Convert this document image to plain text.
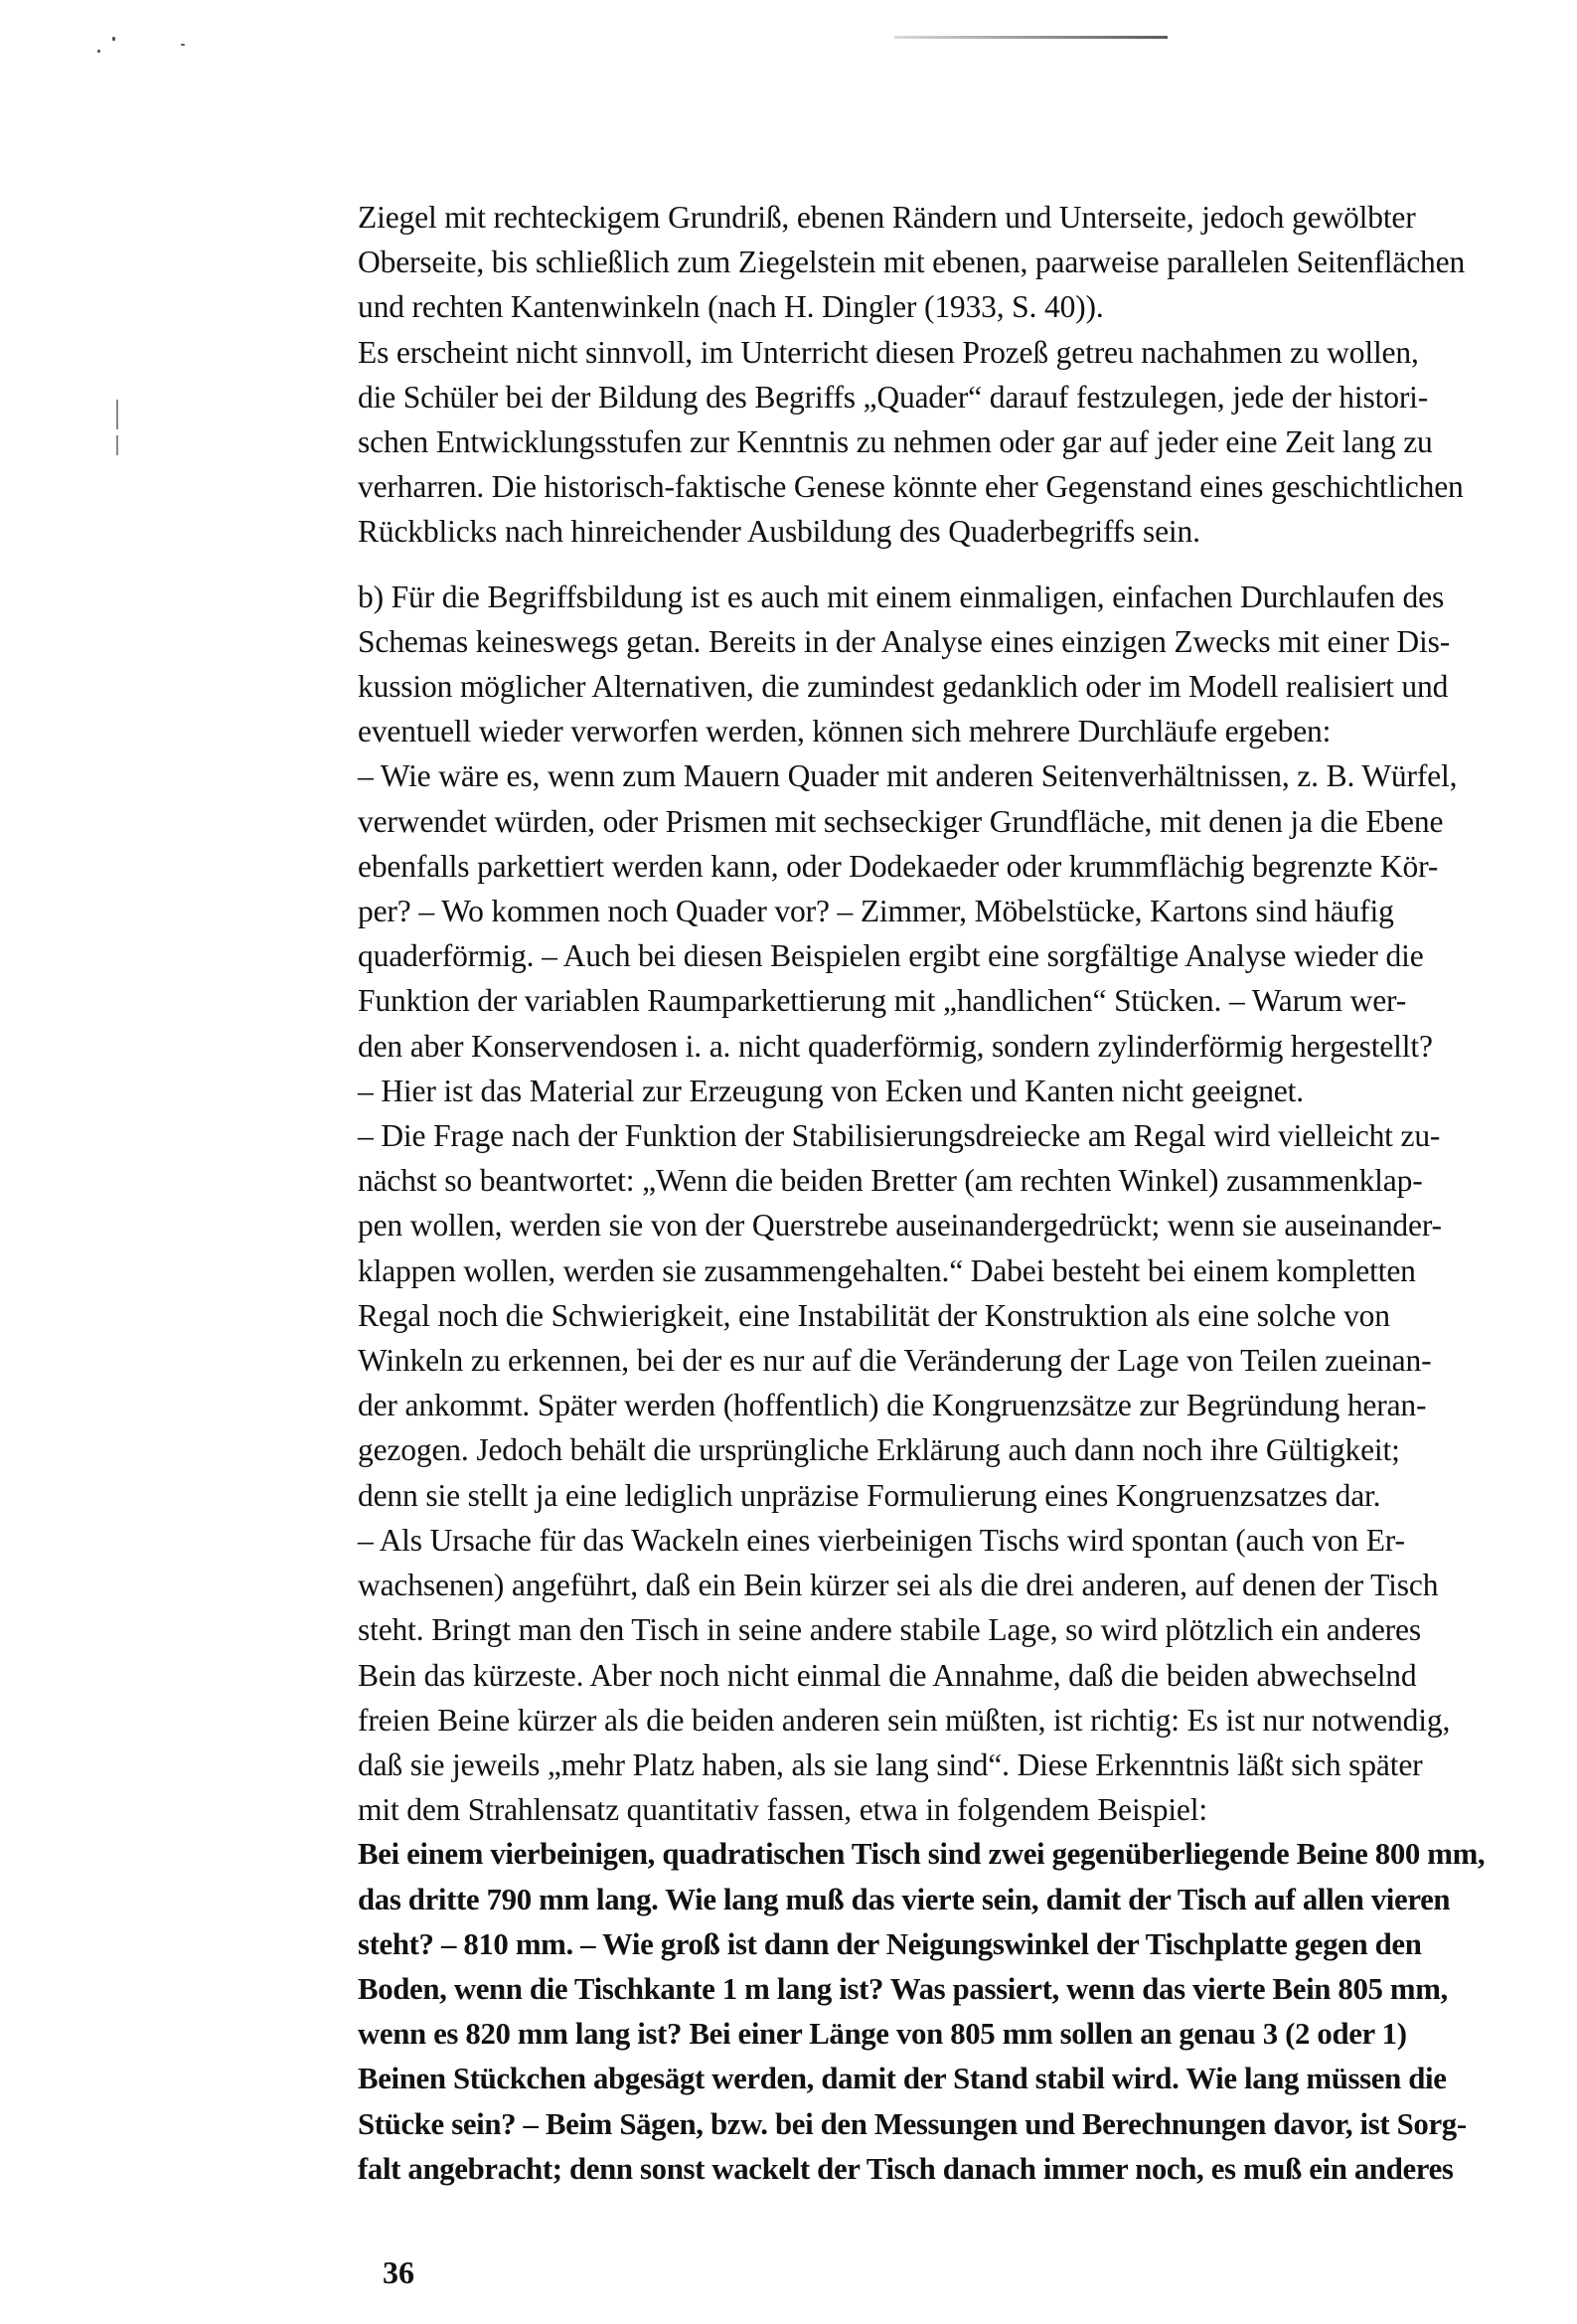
Ziegel mit rechteckigem Grundriß, ebenen Rändern und Unterseite, jedoch gewölbter

Oberseite, bis schließlich zum Ziegelstein mit ebenen, paarweise parallelen Seitenflächen

und rechten Kantenwinkeln (nach H. Dingler (1933, S. 40)).

Es erscheint nicht sinnvoll, im Unterricht diesen Prozeß getreu nachahmen zu wollen,

die Schüler bei der Bildung des Begriffs „Quader“ darauf festzulegen, jede der histori-

schen Entwicklungsstufen zur Kenntnis zu nehmen oder gar auf jeder eine Zeit lang zu

verharren. Die historisch-faktische Genese könnte eher Gegenstand eines geschichtlichen

Rückblicks nach hinreichender Ausbildung des Quaderbegriffs sein.

b) Für die Begriffsbildung ist es auch mit einem einmaligen, einfachen Durchlaufen des

Schemas keineswegs getan. Bereits in der Analyse eines einzigen Zwecks mit einer Dis-

kussion möglicher Alternativen, die zumindest gedanklich oder im Modell realisiert und

eventuell wieder verworfen werden, können sich mehrere Durchläufe ergeben:

– Wie wäre es, wenn zum Mauern Quader mit anderen Seitenverhältnissen, z. B. Würfel,

verwendet würden, oder Prismen mit sechseckiger Grundfläche, mit denen ja die Ebene

ebenfalls parkettiert werden kann, oder Dodekaeder oder krummflächig begrenzte Kör-

per? – Wo kommen noch Quader vor? – Zimmer, Möbelstücke, Kartons sind häufig

quaderförmig. – Auch bei diesen Beispielen ergibt eine sorgfältige Analyse wieder die

Funktion der variablen Raumparkettierung mit „handlichen“ Stücken. – Warum wer-

den aber Konservendosen i. a. nicht quaderförmig, sondern zylinderförmig hergestellt?

– Hier ist das Material zur Erzeugung von Ecken und Kanten nicht geeignet.

– Die Frage nach der Funktion der Stabilisierungsdreiecke am Regal wird vielleicht zu-

nächst so beantwortet: „Wenn die beiden Bretter (am rechten Winkel) zusammenklap-

pen wollen, werden sie von der Querstrebe auseinandergedrückt; wenn sie auseinander-

klappen wollen, werden sie zusammengehalten.“ Dabei besteht bei einem kompletten

Regal noch die Schwierigkeit, eine Instabilität der Konstruktion als eine solche von

Winkeln zu erkennen, bei der es nur auf die Veränderung der Lage von Teilen zueinan-

der ankommt. Später werden (hoffentlich) die Kongruenzsätze zur Begründung heran-

gezogen. Jedoch behält die ursprüngliche Erklärung auch dann noch ihre Gültigkeit;

denn sie stellt ja eine lediglich unpräzise Formulierung eines Kongruenzsatzes dar.

– Als Ursache für das Wackeln eines vierbeinigen Tischs wird spontan (auch von Er-

wachsenen) angeführt, daß ein Bein kürzer sei als die drei anderen, auf denen der Tisch

steht. Bringt man den Tisch in seine andere stabile Lage, so wird plötzlich ein anderes

Bein das kürzeste. Aber noch nicht einmal die Annahme, daß die beiden abwechselnd

freien Beine kürzer als die beiden anderen sein müßten, ist richtig: Es ist nur notwendig,

daß sie jeweils „mehr Platz haben, als sie lang sind“. Diese Erkenntnis läßt sich später

mit dem Strahlensatz quantitativ fassen, etwa in folgendem Beispiel:

Bei einem vierbeinigen, quadratischen Tisch sind zwei gegenüberliegende Beine 800 mm,

das dritte 790 mm lang. Wie lang muß das vierte sein, damit der Tisch auf allen vieren

steht? – 810 mm. – Wie groß ist dann der Neigungswinkel der Tischplatte gegen den

Boden, wenn die Tischkante 1 m lang ist? Was passiert, wenn das vierte Bein 805 mm,

wenn es 820 mm lang ist? Bei einer Länge von 805 mm sollen an genau 3 (2 oder 1)

Beinen Stückchen abgesägt werden, damit der Stand stabil wird. Wie lang müssen die

Stücke sein? – Beim Sägen, bzw. bei den Messungen und Berechnungen davor, ist Sorg-

falt angebracht; denn sonst wackelt der Tisch danach immer noch, es muß ein anderes

36
